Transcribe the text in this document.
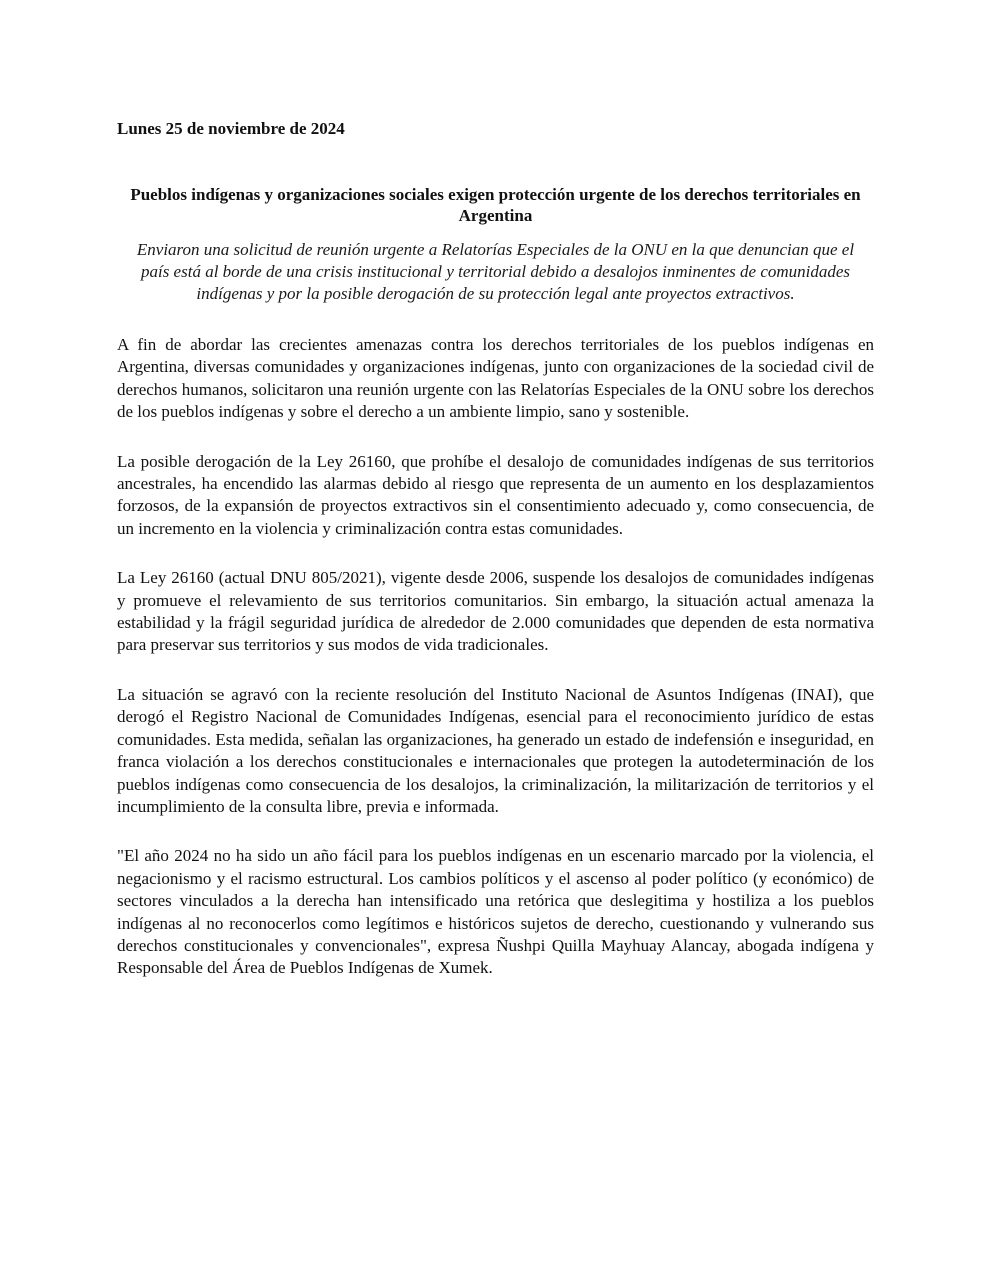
Lunes 25 de noviembre de 2024

Pueblos indígenas y organizaciones sociales exigen protección urgente de los derechos territoriales en Argentina

Enviaron una solicitud de reunión urgente a Relatorías Especiales de la ONU en la que denuncian que el país está al borde de una crisis institucional y territorial debido a desalojos inminentes de comunidades indígenas y por la posible derogación de su protección legal ante proyectos extractivos.

A fin de abordar las crecientes amenazas contra los derechos territoriales de los pueblos indígenas en Argentina, diversas comunidades y organizaciones indígenas, junto con organizaciones de la sociedad civil de derechos humanos, solicitaron una reunión urgente con las Relatorías Especiales de la ONU sobre los derechos de los pueblos indígenas y sobre el derecho a un ambiente limpio, sano y sostenible.

La posible derogación de la Ley 26160, que prohíbe el desalojo de comunidades indígenas de sus territorios ancestrales, ha encendido las alarmas debido al riesgo que representa de un aumento en los desplazamientos forzosos, de la expansión de proyectos extractivos sin el consentimiento adecuado y, como consecuencia, de un incremento en la violencia y criminalización contra estas comunidades.

La Ley 26160 (actual DNU 805/2021), vigente desde 2006, suspende los desalojos de comunidades indígenas y promueve el relevamiento de sus territorios comunitarios. Sin embargo, la situación actual amenaza la estabilidad y la frágil seguridad jurídica de alrededor de 2.000 comunidades que dependen de esta normativa para preservar sus territorios y sus modos de vida tradicionales.

La situación se agravó con la reciente resolución del Instituto Nacional de Asuntos Indígenas (INAI), que derogó el Registro Nacional de Comunidades Indígenas, esencial para el reconocimiento jurídico de estas comunidades. Esta medida, señalan las organizaciones, ha generado un estado de indefensión e inseguridad, en franca violación a los derechos constitucionales e internacionales que protegen la autodeterminación de los pueblos indígenas como consecuencia de los desalojos, la criminalización, la militarización de territorios y el incumplimiento de la consulta libre, previa e informada.

"El año 2024 no ha sido un año fácil para los pueblos indígenas en un escenario marcado por la violencia, el negacionismo y el racismo estructural. Los cambios políticos y el ascenso al poder político (y económico) de sectores vinculados a la derecha han intensificado una retórica que deslegitima y hostiliza a los pueblos indígenas al no reconocerlos como legítimos e históricos sujetos de derecho, cuestionando y vulnerando sus derechos constitucionales y convencionales", expresa Ñushpi Quilla Mayhuay Alancay, abogada indígena y Responsable del Área de Pueblos Indígenas de Xumek.
